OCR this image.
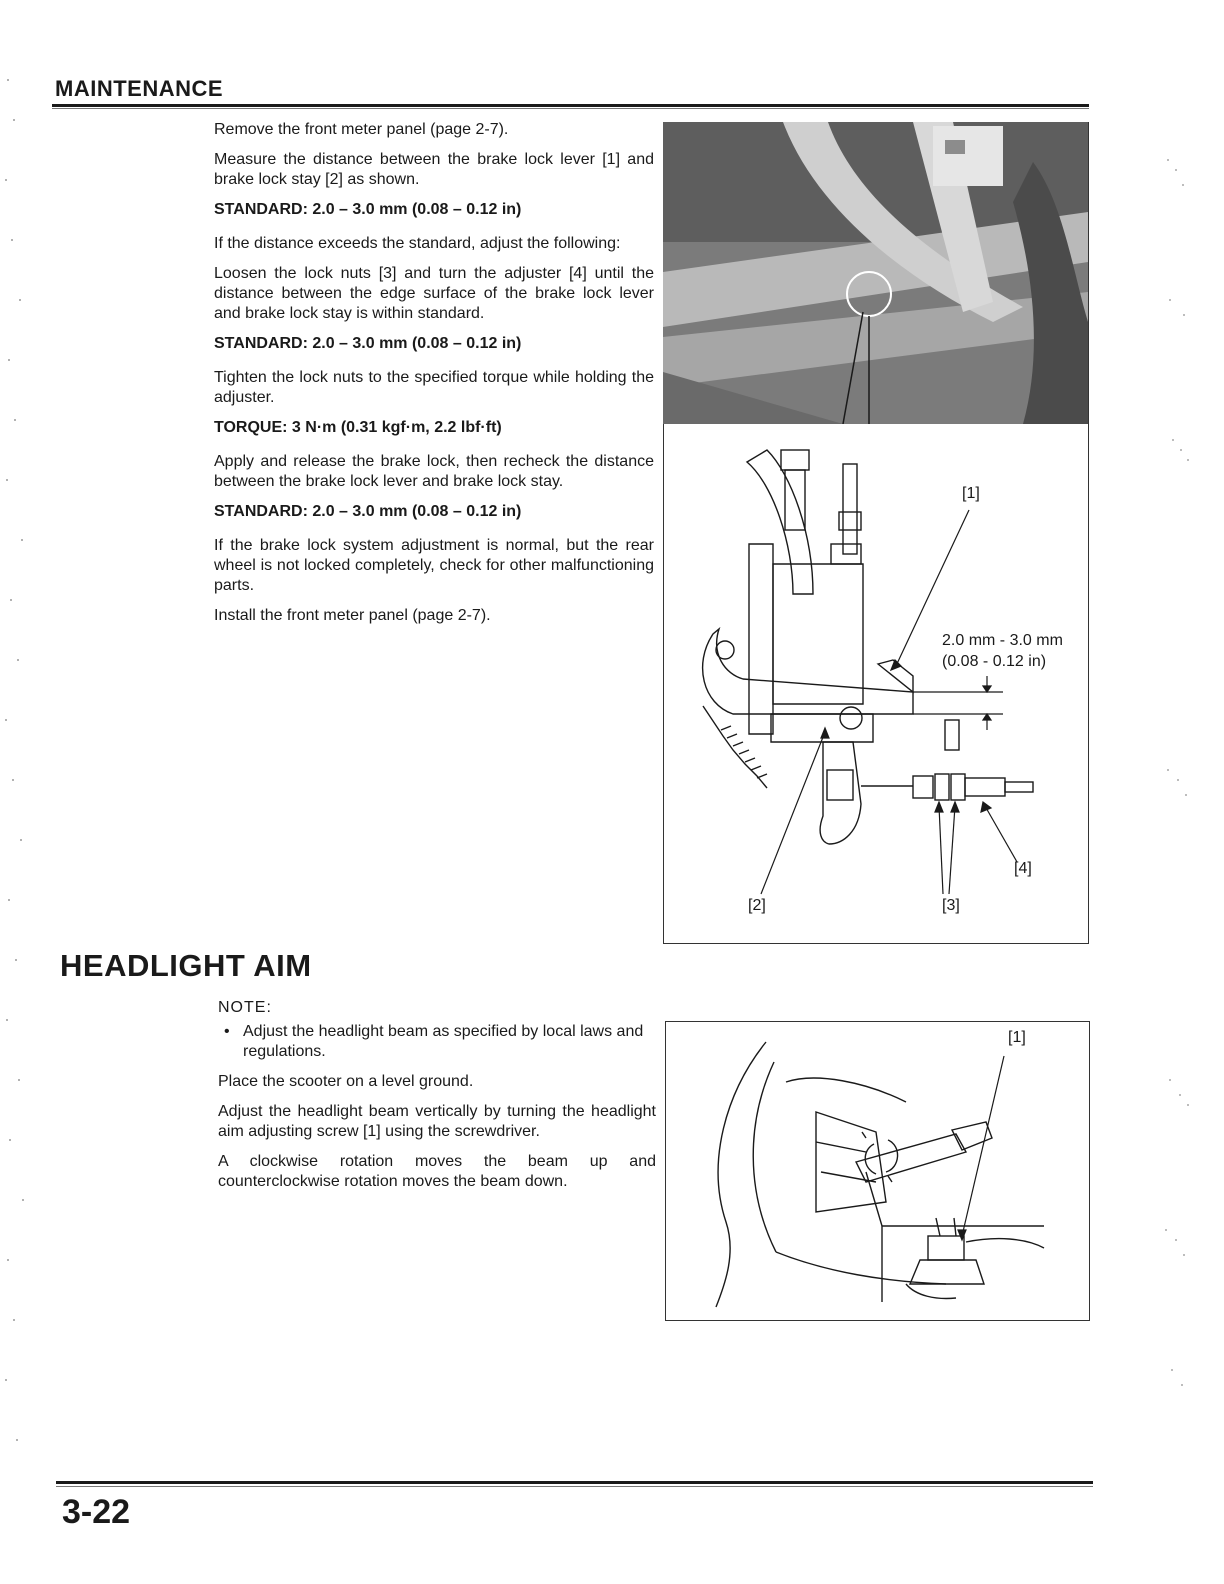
MAINTENANCE

Remove the front meter panel (page 2-7).

Measure the distance between the brake lock lever [1] and brake lock stay [2] as shown.

STANDARD: 2.0 – 3.0 mm (0.08 – 0.12 in)

If the distance exceeds the standard, adjust the following:

Loosen the lock nuts [3] and turn the adjuster [4] until the distance between the edge surface of the brake lock lever and brake lock stay is within standard.

STANDARD: 2.0 – 3.0 mm (0.08 – 0.12 in)

Tighten the lock nuts to the specified torque while holding the adjuster.

TORQUE: 3 N·m (0.31 kgf·m, 2.2 lbf·ft)

Apply and release the brake lock, then recheck the distance between the brake lock lever and brake lock stay.

STANDARD: 2.0 – 3.0 mm (0.08 – 0.12 in)

If the brake lock system adjustment is normal, but the rear wheel is not locked completely, check for other malfunctioning parts.

Install the front meter panel (page 2-7).

[1]
2.0 mm - 3.0 mm
(0.08 - 0.12 in)
[4]
[2]	[3]
HEADLIGHT AIM

NOTE:

• Adjust the headlight beam as specified by local laws and regulations.

Place the scooter on a level ground.

Adjust the headlight beam vertically by turning the headlight aim adjusting screw [1] using the screwdriver.

A clockwise rotation moves the beam up and counterclockwise rotation moves the beam down.

[1]
3-22
